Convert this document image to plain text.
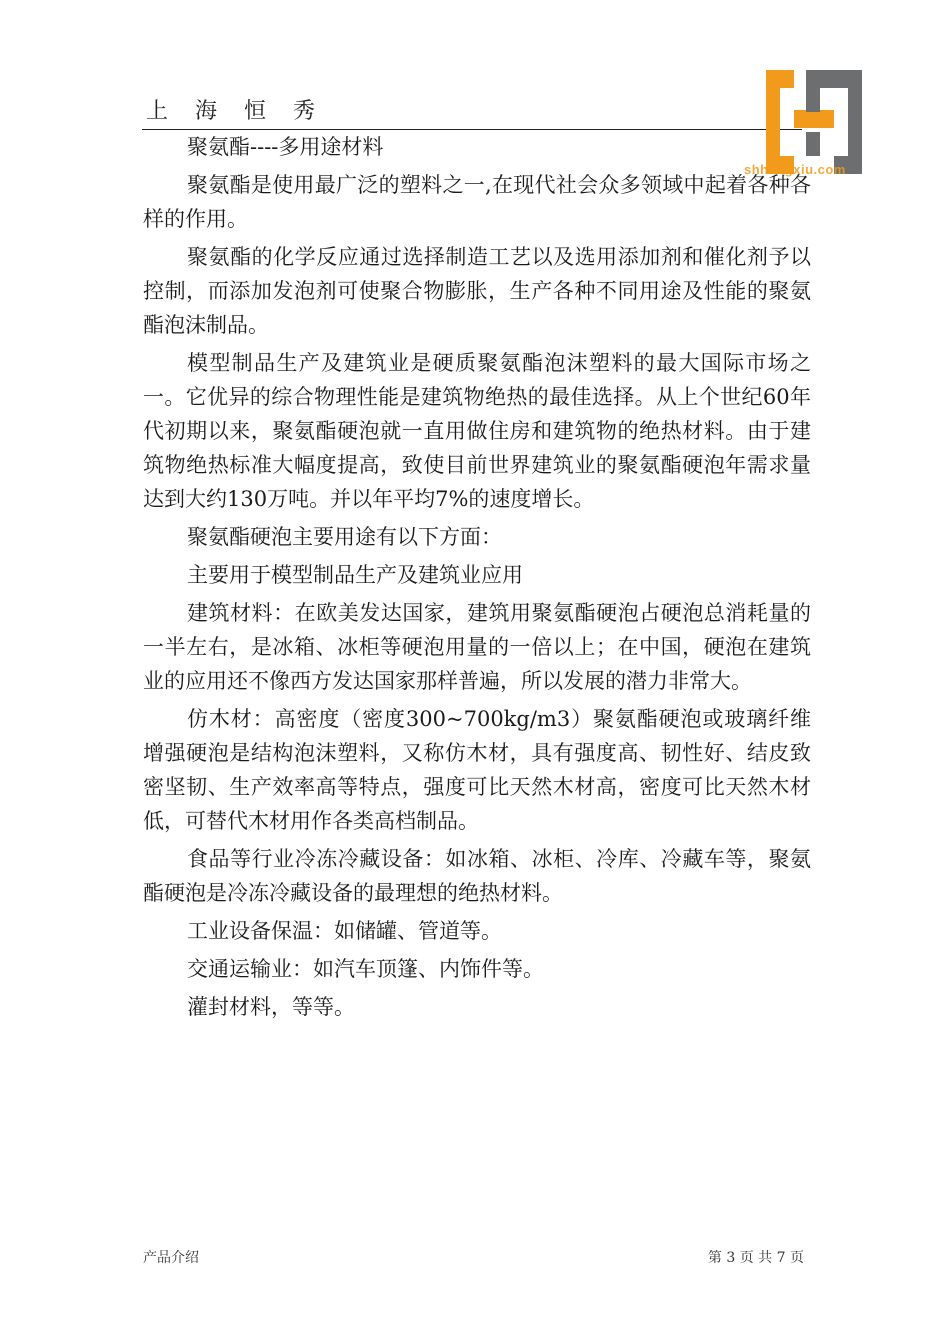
上 海 恒 秀
shhengxiu.com

聚氨酯----多用途材料

聚氨酯是使用最广泛的塑料之一,在现代社会众多领域中起着各种各样的作用。

聚氨酯的化学反应通过选择制造工艺以及选用添加剂和催化剂予以控制，而添加发泡剂可使聚合物膨胀，生产各种不同用途及性能的聚氨酯泡沫制品。

模型制品生产及建筑业是硬质聚氨酯泡沫塑料的最大国际市场之一。它优异的综合物理性能是建筑物绝热的最佳选择。从上个世纪60年代初期以来，聚氨酯硬泡就一直用做住房和建筑物的绝热材料。由于建筑物绝热标准大幅度提高，致使目前世界建筑业的聚氨酯硬泡年需求量达到大约130万吨。并以年平均7%的速度增长。

聚氨酯硬泡主要用途有以下方面：

主要用于模型制品生产及建筑业应用

建筑材料：在欧美发达国家，建筑用聚氨酯硬泡占硬泡总消耗量的一半左右，是冰箱、冰柜等硬泡用量的一倍以上；在中国，硬泡在建筑业的应用还不像西方发达国家那样普遍，所以发展的潜力非常大。

仿木材：高密度（密度300~700kg/m3）聚氨酯硬泡或玻璃纤维增强硬泡是结构泡沫塑料，又称仿木材，具有强度高、韧性好、结皮致密坚韧、生产效率高等特点，强度可比天然木材高，密度可比天然木材低，可替代木材用作各类高档制品。

食品等行业冷冻冷藏设备：如冰箱、冰柜、冷库、冷藏车等，聚氨酯硬泡是冷冻冷藏设备的最理想的绝热材料。

工业设备保温：如储罐、管道等。

交通运输业：如汽车顶篷、内饰件等。

灌封材料，等等。

产品介绍	第 3 页 共 7 页
